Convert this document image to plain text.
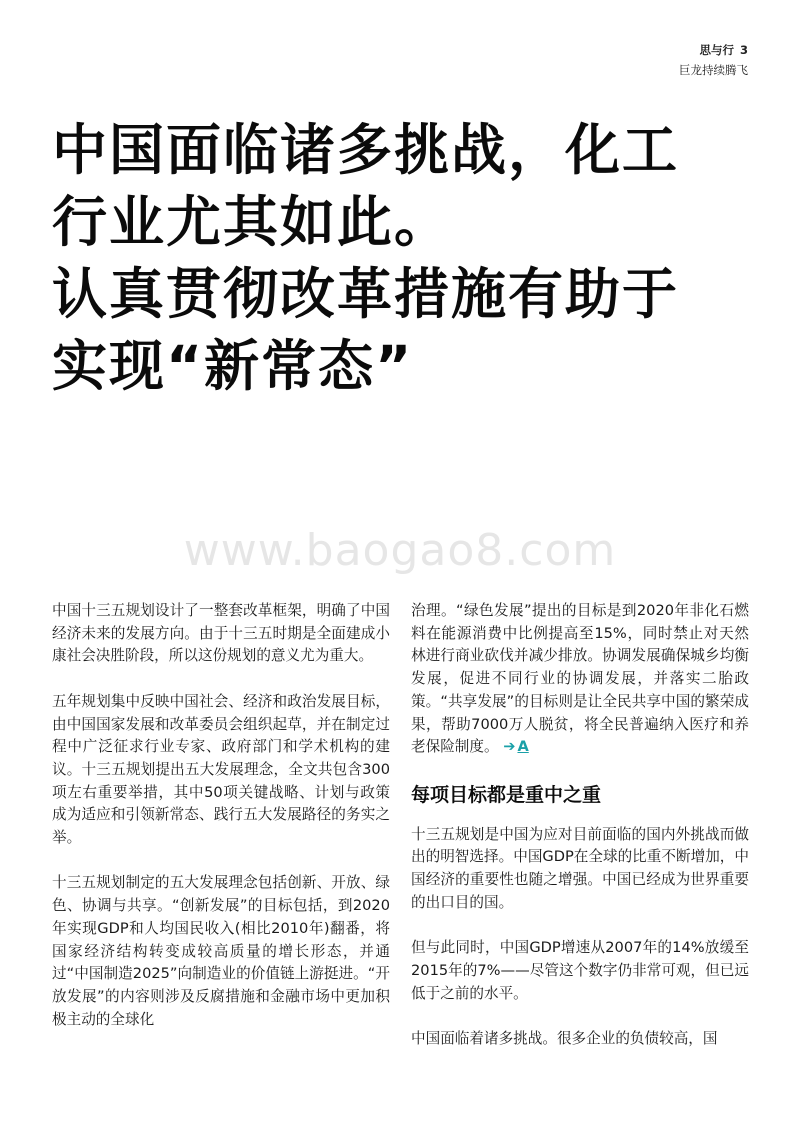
思与行 3
巨龙持续腾飞
中国面临诸多挑战，化工
行业尤其如此。
认真贯彻改革措施有助于
实现“新常态”
www.baogao8.com

中国十三五规划设计了一整套改革框架，明确了中国经济未来的发展方向。由于十三五时期是全面建成小康社会决胜阶段，所以这份规划的意义尤为重大。

五年规划集中反映中国社会、经济和政治发展目标，由中国国家发展和改革委员会组织起草，并在制定过程中广泛征求行业专家、政府部门和学术机构的建议。十三五规划提出五大发展理念，全文共包含300项左右重要举措，其中50项关键战略、计划与政策成为适应和引领新常态、践行五大发展路径的务实之举。

十三五规划制定的五大发展理念包括创新、开放、绿色、协调与共享。“创新发展”的目标包括，到2020年实现GDP和人均国民收入(相比2010年)翻番，将国家经济结构转变成较高质量的增长形态，并通过“中国制造2025”向制造业的价值链上游挺进。“开放发展”的内容则涉及反腐措施和金融市场中更加积极主动的全球化

治理。“绿色发展”提出的目标是到2020年非化石燃料在能源消费中比例提高至15%，同时禁止对天然林进行商业砍伐并减少排放。协调发展确保城乡均衡发展，促进不同行业的协调发展，并落实二胎政策。“共享发展”的目标则是让全民共享中国的繁荣成果，帮助7000万人脱贫，将全民普遍纳入医疗和养老保险制度。 ➔ A

每项目标都是重中之重

十三五规划是中国为应对目前面临的国内外挑战而做出的明智选择。中国GDP在全球的比重不断增加，中国经济的重要性也随之增强。中国已经成为世界重要的出口目的国。

但与此同时，中国GDP增速从2007年的14%放缓至2015年的7%——尽管这个数字仍非常可观，但已远低于之前的水平。

中国面临着诸多挑战。很多企业的负债较高，国
